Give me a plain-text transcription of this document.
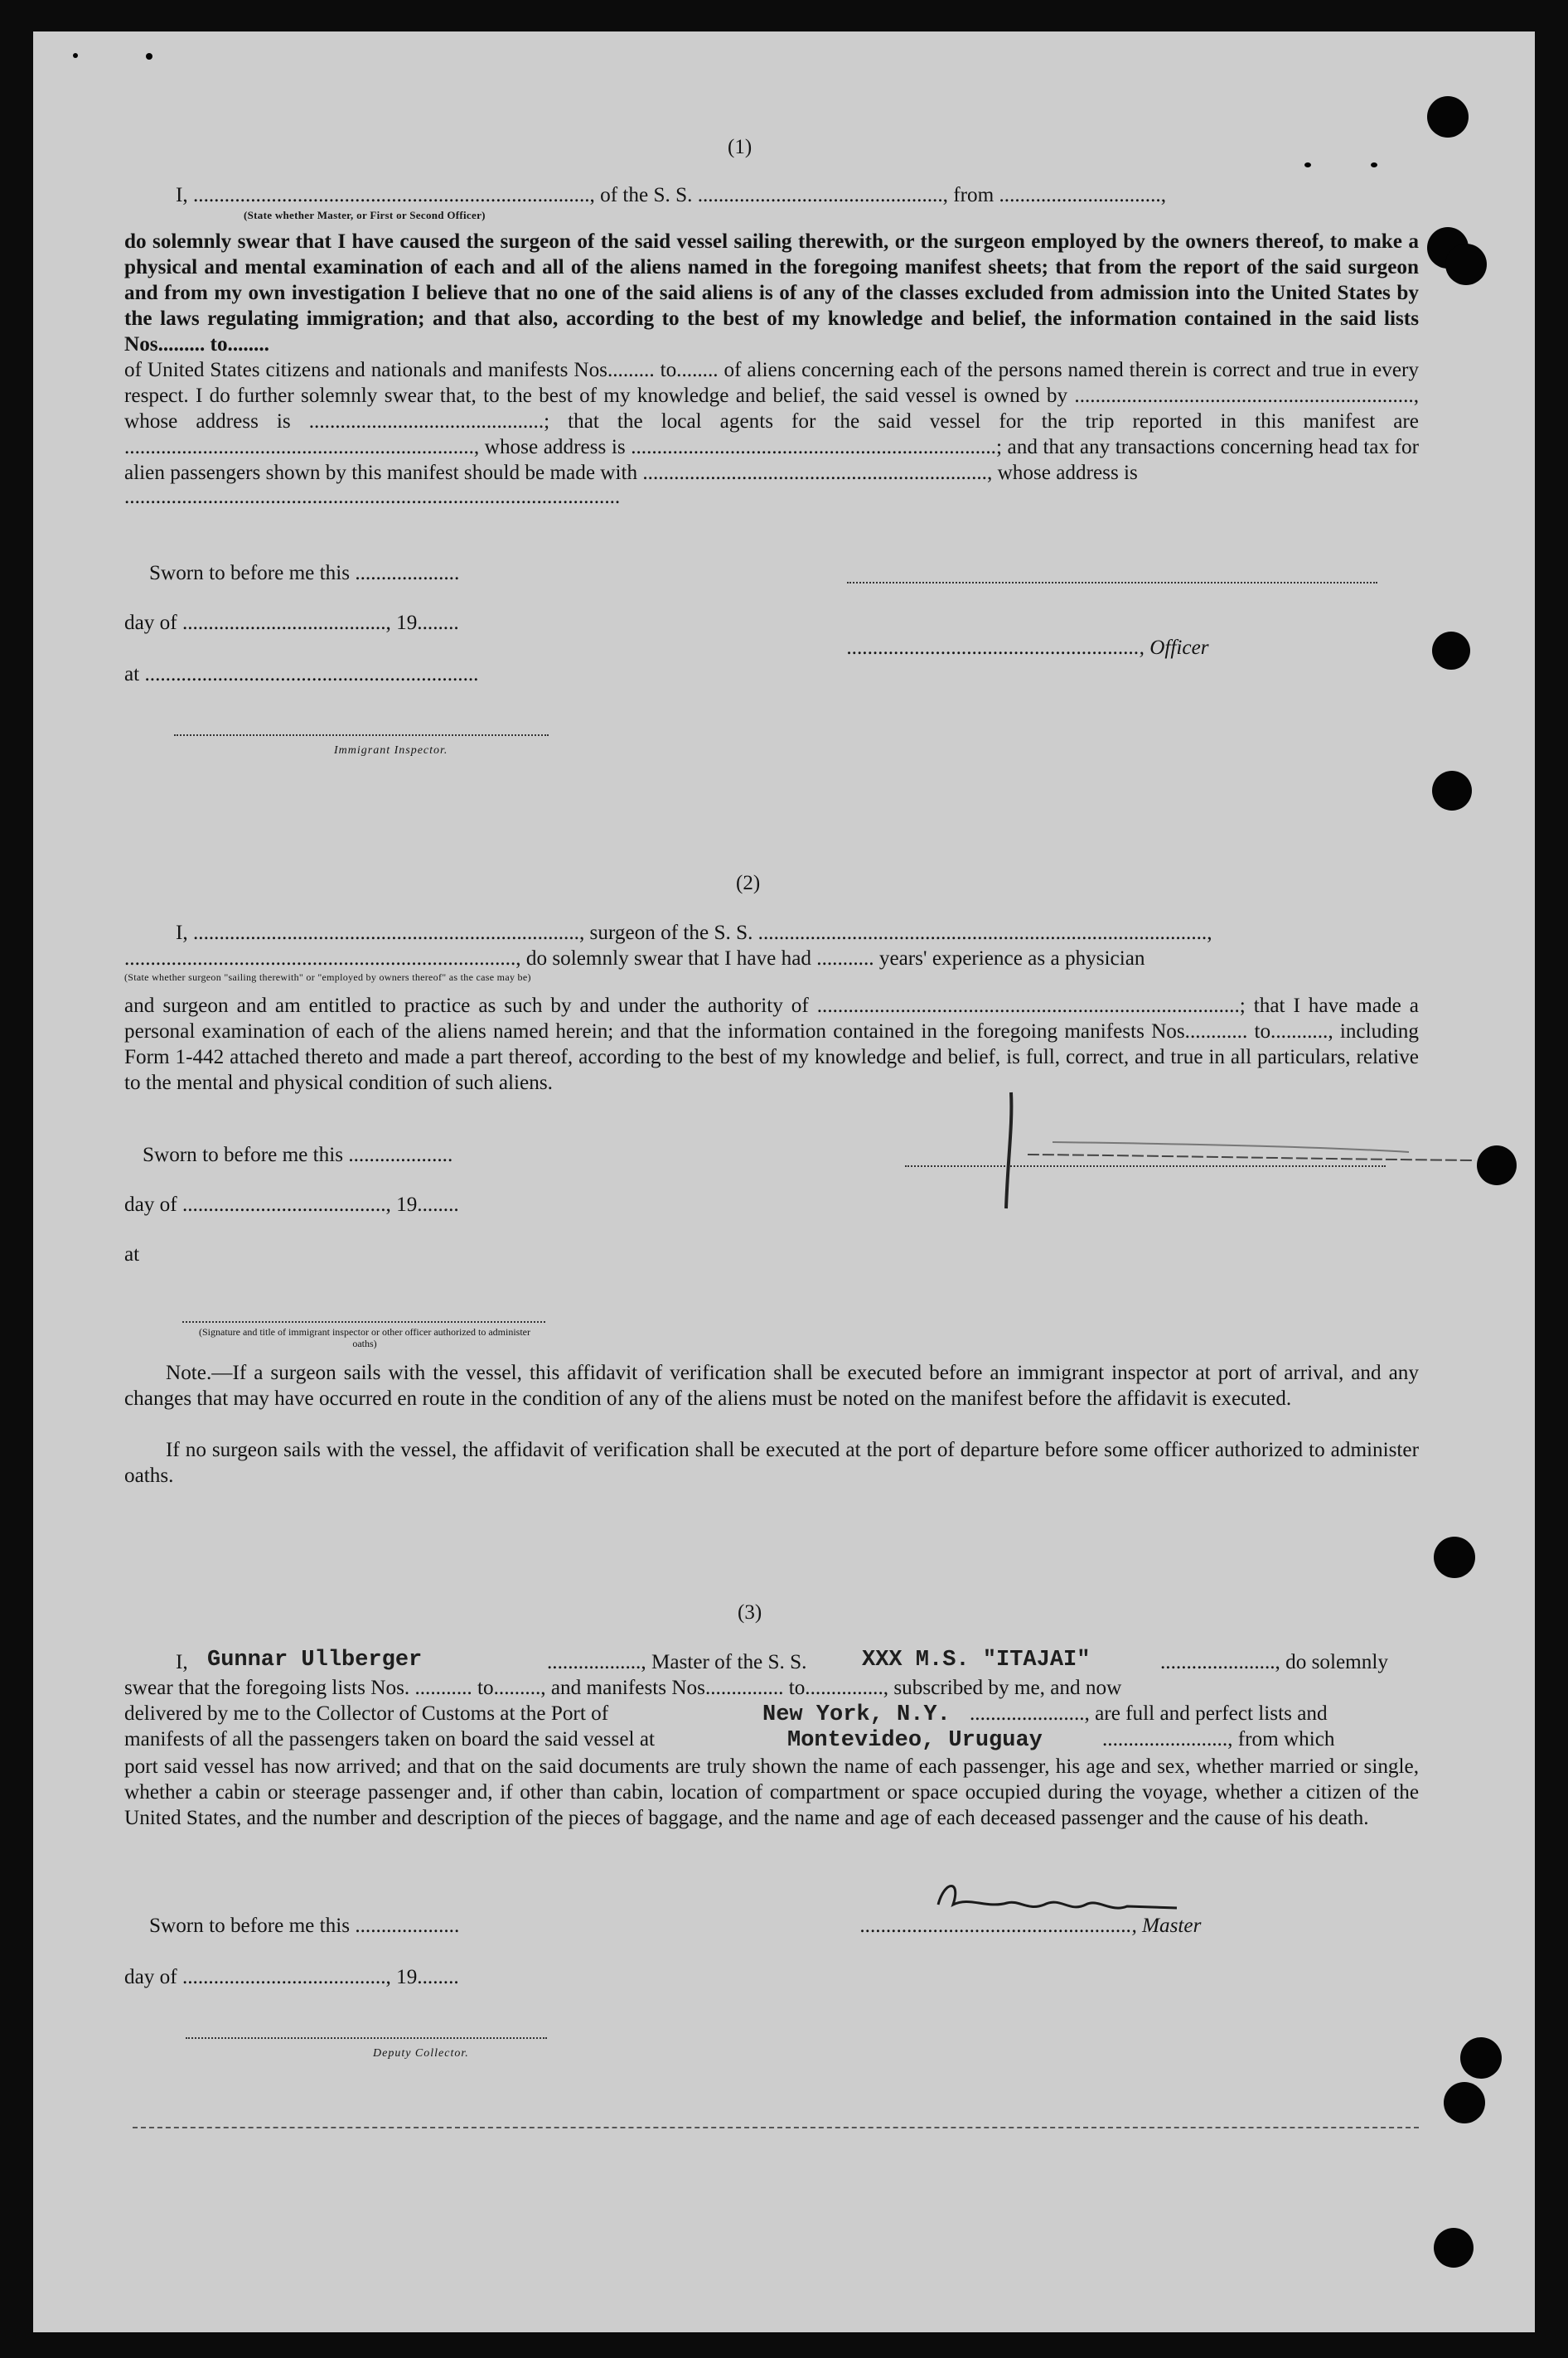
(1)
I, ............................................................................, of the S. S. ..............................................., from ...............................,
(State whether Master, or First or Second Officer)

do solemnly swear that I have caused the surgeon of the said vessel sailing therewith, or the surgeon employed by the owners thereof, to make a physical and mental examination of each and all of the aliens named in the foregoing manifest sheets; that from the report of the said surgeon and from my own investigation I believe that no one of the said aliens is of any of the classes excluded from admission into the United States by the laws regulating immigration; and that also, according to the best of my knowledge and belief, the information contained in the said lists Nos......... to........

of United States citizens and nationals and manifests Nos......... to........ of aliens concerning each of the persons named therein is correct and true in every respect. I do further solemnly swear that, to the best of my knowledge and belief, the said vessel is owned by ................................................................., whose address is .............................................; that the local agents for the said vessel for the trip reported in this manifest are ..................................................................., whose address is ......................................................................; and that any transactions concerning head tax for alien passengers shown by this manifest should be made with .................................................................., whose address is

...............................................................................................
Sworn to before me this ....................
day of ......................................., 19........
........................................................, Officer
at ................................................................
Immigrant Inspector.
(2)
I, .........................................................................., surgeon of the S. S. ......................................................................................,
..........................................................................., do solemnly swear that I have had ........... years' experience as a physician
(State whether surgeon "sailing therewith" or "employed by owners thereof" as the case may be)

and surgeon and am entitled to practice as such by and under the authority of .................................................................................; that I have made a personal examination of each of the aliens named herein; and that the information contained in the foregoing manifests Nos............ to..........., including Form 1-442 attached thereto and made a part thereof, according to the best of my knowledge and belief, is full, correct, and true in all particulars, relative to the mental and physical condition of such aliens.

Sworn to before me this ....................
day of ......................................., 19........
at
(Signature and title of immigrant inspector or other officer authorized to administer oaths)

Note.—If a surgeon sails with the vessel, this affidavit of verification shall be executed before an immigrant inspector at port of arrival, and any changes that may have occurred en route in the condition of any of the aliens must be noted on the manifest before the affidavit is executed.

If no surgeon sails with the vessel, the affidavit of verification shall be executed at the port of departure before some officer authorized to administer oaths.

(3)
I, Gunnar Ullberger	.................., Master of the S. S. XXX M.S. "ITAJAI"	......................, do solemnly
swear that the foregoing lists Nos. ........... to........., and manifests Nos............... to..............., subscribed by me, and now
delivered by me to the Collector of Customs at the Port of	New York, N.Y. ......................, are full and perfect lists and
manifests of all the passengers taken on board the said vessel at	Montevideo, Uruguay	........................, from which

port said vessel has now arrived; and that on the said documents are truly shown the name of each passenger, his age and sex, whether married or single, whether a cabin or steerage passenger and, if other than cabin, location of compartment or space occupied during the voyage, whether a citizen of the United States, and the number and description of the pieces of baggage, and the name and age of each deceased passenger and the cause of his death.

Sworn to before me this ....................	...................................................., Master
day of ......................................., 19........
Deputy Collector.
